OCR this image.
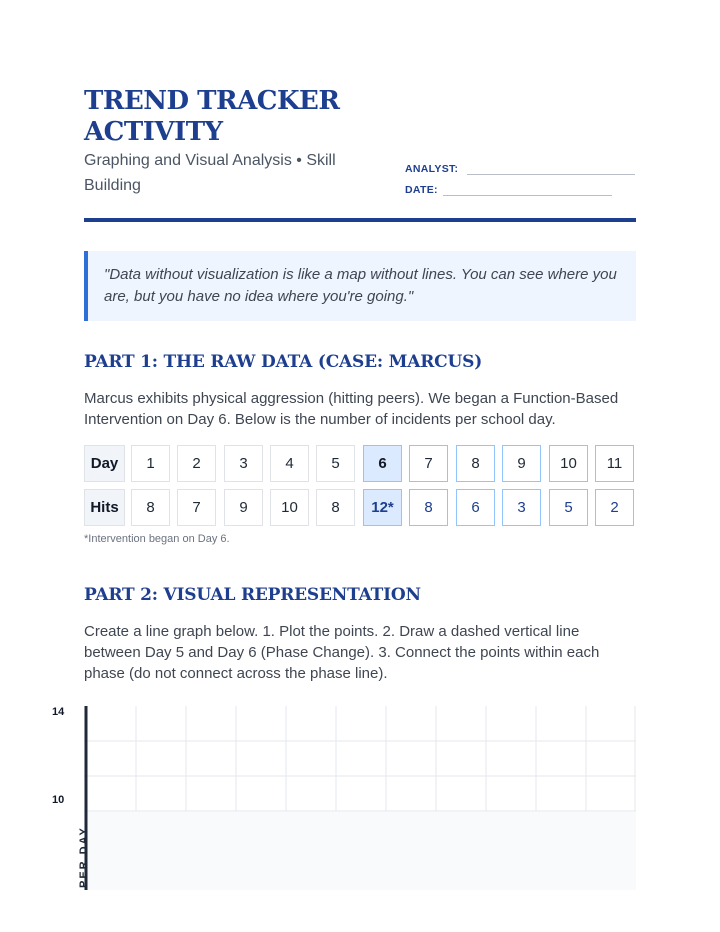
TREND TRACKER ACTIVITY

Graphing and Visual Analysis • Skill Building

ANALYST:
DATE:
"Data without visualization is like a map without lines. You can see where you are, but you have no idea where you're going."
PART 1: THE RAW DATA (CASE: MARCUS)

Marcus exhibits physical aggression (hitting peers). We began a Function-Based Intervention on Day 6. Below is the number of incidents per school day.

Day	1	2	3	4	5	6	7	8	9	10	11
Hits	8	7	9	10	8	12*	8	6	3	5	2

*Intervention began on Day 6.

PART 2: VISUAL REPRESENTATION

Create a line graph below. 1. Plot the points. 2. Draw a dashed vertical line between Day 5 and Day 6 (Phase Change). 3. Connect the points within each phase (do not connect across the phase line).

14
10
PER DAY
